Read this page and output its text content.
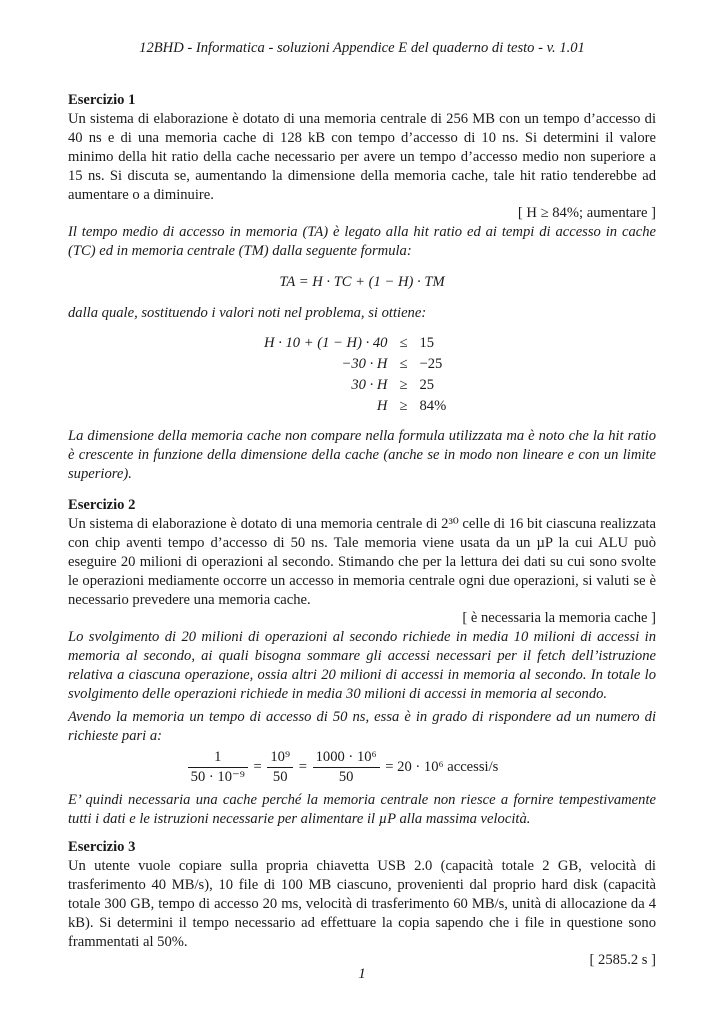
12BHD - Informatica - soluzioni Appendice E del quaderno di testo - v. 1.01

Esercizio 1

Un sistema di elaborazione è dotato di una memoria centrale di 256 MB con un tempo d’accesso di 40 ns e di una memoria cache di 128 kB con tempo d’accesso di 10 ns. Si determini il valore minimo della hit ratio della cache necessario per avere un tempo d’accesso medio non superiore a 15 ns. Si discuta se, aumentando la dimensione della memoria cache, tale hit ratio tenderebbe ad aumentare o a diminuire.

[ H ≥ 84%; aumentare ]

Il tempo medio di accesso in memoria (TA) è legato alla hit ratio ed ai tempi di accesso in cache (TC) ed in memoria centrale (TM) dalla seguente formula:

TA = H · TC + (1 − H) · TM

dalla quale, sostituendo i valori noti nel problema, si ottiene:

H · 10 + (1 − H) · 40	≤	15
−30 · H	≤	−25
30 · H	≥	25
H	≥	84%

La dimensione della memoria cache non compare nella formula utilizzata ma è noto che la hit ratio è crescente in funzione della dimensione della cache (anche se in modo non lineare e con un limite superiore).

Esercizio 2

Un sistema di elaborazione è dotato di una memoria centrale di 2³⁰ celle di 16 bit ciascuna realizzata con chip aventi tempo d’accesso di 50 ns. Tale memoria viene usata da un µP la cui ALU può eseguire 20 milioni di operazioni al secondo. Stimando che per la lettura dei dati su cui sono svolte le operazioni mediamente occorre un accesso in memoria centrale ogni due operazioni, si valuti se è necessario prevedere una memoria cache.

[ è necessaria la memoria cache ]

Lo svolgimento di 20 milioni di operazioni al secondo richiede in media 10 milioni di accessi in memoria al secondo, ai quali bisogna sommare gli accessi necessari per il fetch dell’istruzione relativa a ciascuna operazione, ossia altri 20 milioni di accessi in memoria al secondo. In totale lo svolgimento delle operazioni richiede in media 30 milioni di accessi in memoria al secondo.

Avendo la memoria un tempo di accesso di 50 ns, essa è in grado di rispondere ad un numero di richieste pari a:

$\frac{1}{\text{50 · 10⁻⁹}} = \frac{\text{10⁹}}{50} = \frac{\text{1000 · 10⁶}}{50} = 20 \cdot 10^6$ accessi/s

E’ quindi necessaria una cache perché la memoria centrale non riesce a fornire tempestivamente tutti i dati e le istruzioni necessarie per alimentare il µP alla massima velocità.

Esercizio 3

Un utente vuole copiare sulla propria chiavetta USB 2.0 (capacità totale 2 GB, velocità di trasferimento 40 MB/s), 10 file di 100 MB ciascuno, provenienti dal proprio hard disk (capacità totale 300 GB, tempo di accesso 20 ms, velocità di trasferimento 60 MB/s, unità di allocazione da 4 kB). Si determini il tempo necessario ad effettuare la copia sapendo che i file in questione sono frammentati al 50%.

[ 2585.2 s ]

1
